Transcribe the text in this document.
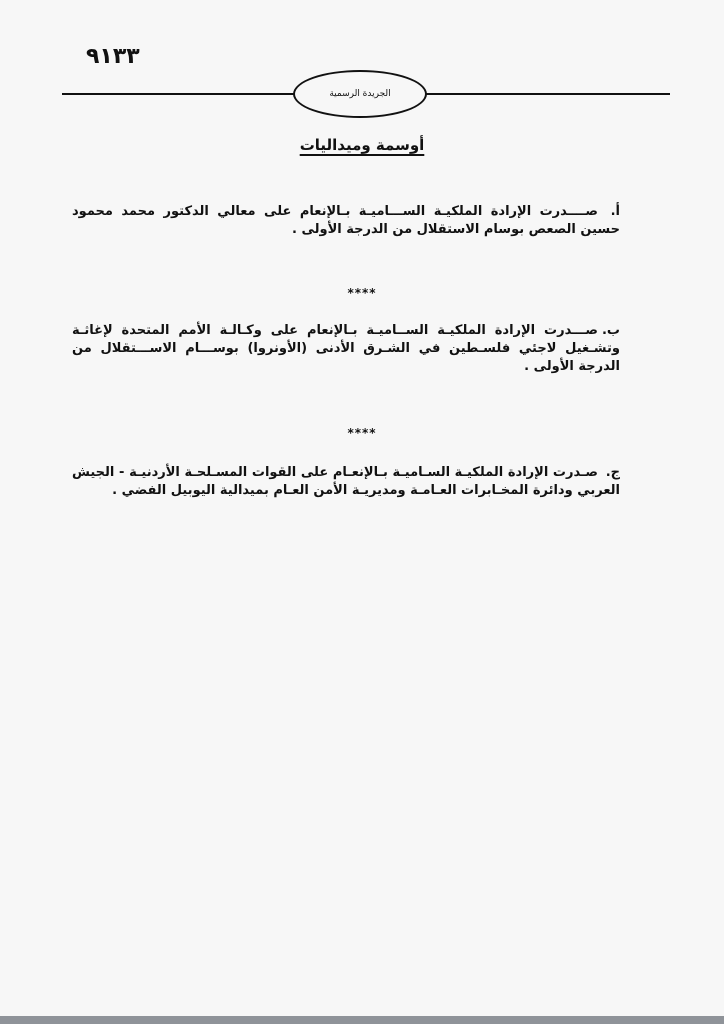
٣٣١٩
الجريدة الرسمية
أوسمة وميداليات
أ.صــــدرت الإرادة الملكيـة الســـاميـة بـالإنعام على معالي الدكتور محمد محمود حسين الصعص بوسام الاستقلال من الدرجة الأولى .
****
ب.صـــدرت الإرادة الملكيـة الســاميـة بـالإنعام على وكـالـة الأمم المتحدة لإغاثـة وتشـغيل لاجئي فلسـطين في الشـرق الأدنى (الأونروا) بوســـام الاســـتقلال من الدرجة الأولى .
****
ج.صـدرت الإرادة الملكيـة السـاميـة بـالإنعـام على القوات المسـلحـة الأردنيـة - الجيش العربي ودائرة المخـابرات العـامـة ومديريـة الأمن العـام بميدالية اليوبيل الفضي .
